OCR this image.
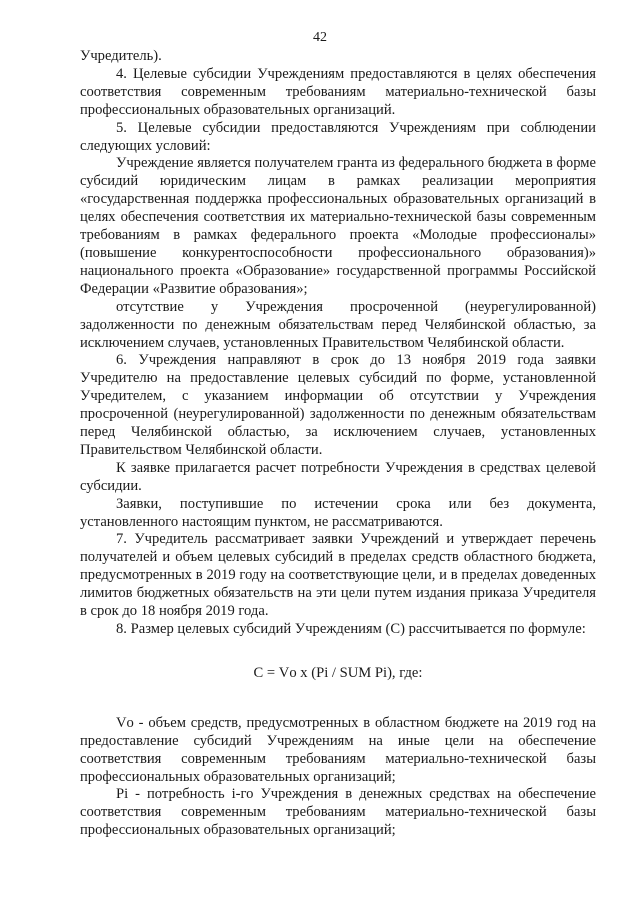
42

Учредитель).

4. Целевые субсидии Учреждениям предоставляются в целях обеспечения соответствия современным требованиям материально-технической базы профессиональных образовательных организаций.

5. Целевые субсидии предоставляются Учреждениям при соблюдении следующих условий:

Учреждение является получателем гранта из федерального бюджета в форме субсидий юридическим лицам в рамках реализации мероприятия «государственная поддержка профессиональных образовательных организаций в целях обеспечения соответствия их материально-технической базы современным требованиям в рамках федерального проекта «Молодые профессионалы» (повышение конкурентоспособности профессионального образования)» национального проекта «Образование» государственной программы Российской Федерации «Развитие образования»;

отсутствие у Учреждения просроченной (неурегулированной) задолженности по денежным обязательствам перед Челябинской областью, за исключением случаев, установленных Правительством Челябинской области.

6. Учреждения направляют в срок до 13 ноября 2019 года заявки Учредителю на предоставление целевых субсидий по форме, установленной Учредителем, с указанием информации об отсутствии у Учреждения просроченной (неурегулированной) задолженности по денежным обязательствам перед Челябинской областью, за исключением случаев, установленных Правительством Челябинской области.

К заявке прилагается расчет потребности Учреждения в средствах целевой субсидии.

Заявки, поступившие по истечении срока или без документа, установленного настоящим пунктом, не рассматриваются.

7. Учредитель рассматривает заявки Учреждений и утверждает перечень получателей и объем целевых субсидий в пределах средств областного бюджета, предусмотренных в 2019 году на соответствующие цели, и в пределах доведенных лимитов бюджетных обязательств на эти цели путем издания приказа Учредителя в срок до 18 ноября 2019 года.

8. Размер целевых субсидий Учреждениям (С) рассчитывается по формуле:

С = Vо х (Pi / SUM Pi), где:

Vо - объем средств, предусмотренных в областном бюджете на 2019 год на предоставление субсидий Учреждениям на иные цели на обеспечение соответствия современным требованиям материально-технической базы профессиональных образовательных организаций;

Pi - потребность i-го Учреждения в денежных средствах на обеспечение соответствия современным требованиям материально-технической базы профессиональных образовательных организаций;
